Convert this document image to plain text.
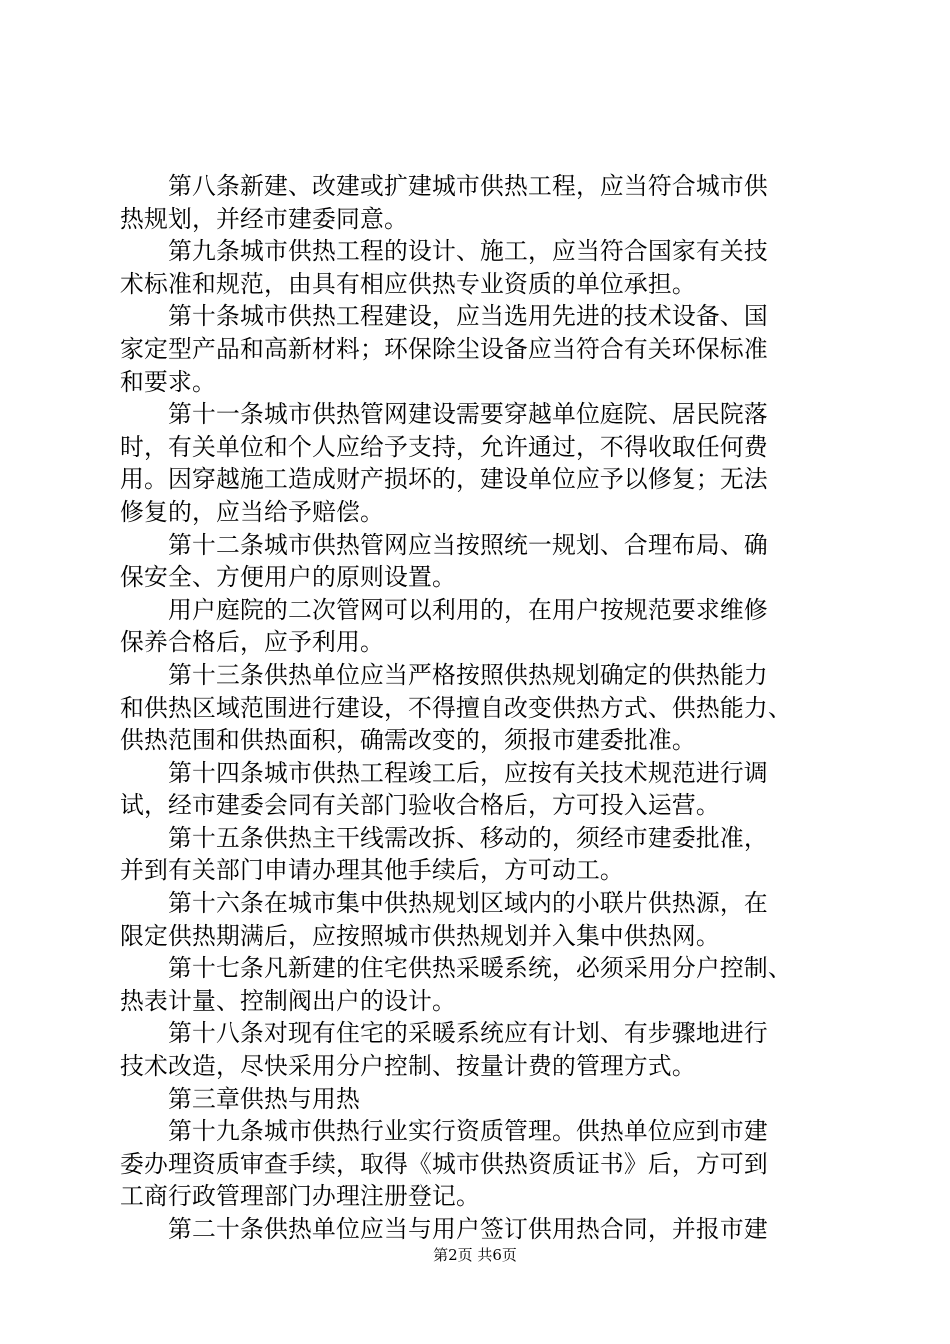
　　第八条新建、改建或扩建城市供热工程，应当符合城市供
热规划，并经市建委同意。
　　第九条城市供热工程的设计、施工，应当符合国家有关技
术标准和规范，由具有相应供热专业资质的单位承担。
　　第十条城市供热工程建设，应当选用先进的技术设备、国
家定型产品和高新材料；环保除尘设备应当符合有关环保标准
和要求。
　　第十一条城市供热管网建设需要穿越单位庭院、居民院落
时，有关单位和个人应给予支持，允许通过，不得收取任何费
用。因穿越施工造成财产损坏的，建设单位应予以修复；无法
修复的，应当给予赔偿。
　　第十二条城市供热管网应当按照统一规划、合理布局、确
保安全、方便用户的原则设置。
　　用户庭院的二次管网可以利用的，在用户按规范要求维修
保养合格后，应予利用。
　　第十三条供热单位应当严格按照供热规划确定的供热能力
和供热区域范围进行建设，不得擅自改变供热方式、供热能力、
供热范围和供热面积，确需改变的，须报市建委批准。
　　第十四条城市供热工程竣工后，应按有关技术规范进行调
试，经市建委会同有关部门验收合格后，方可投入运营。
　　第十五条供热主干线需改拆、移动的，须经市建委批准，
并到有关部门申请办理其他手续后，方可动工。
　　第十六条在城市集中供热规划区域内的小联片供热源，在
限定供热期满后，应按照城市供热规划并入集中供热网。
　　第十七条凡新建的住宅供热采暖系统，必须采用分户控制、
热表计量、控制阀出户的设计。
　　第十八条对现有住宅的采暖系统应有计划、有步骤地进行
技术改造，尽快采用分户控制、按量计费的管理方式。
　　第三章供热与用热
　　第十九条城市供热行业实行资质管理。供热单位应到市建
委办理资质审查手续，取得《城市供热资质证书》后，方可到
工商行政管理部门办理注册登记。
　　第二十条供热单位应当与用户签订供用热合同，并报市建
第2页 共6页
